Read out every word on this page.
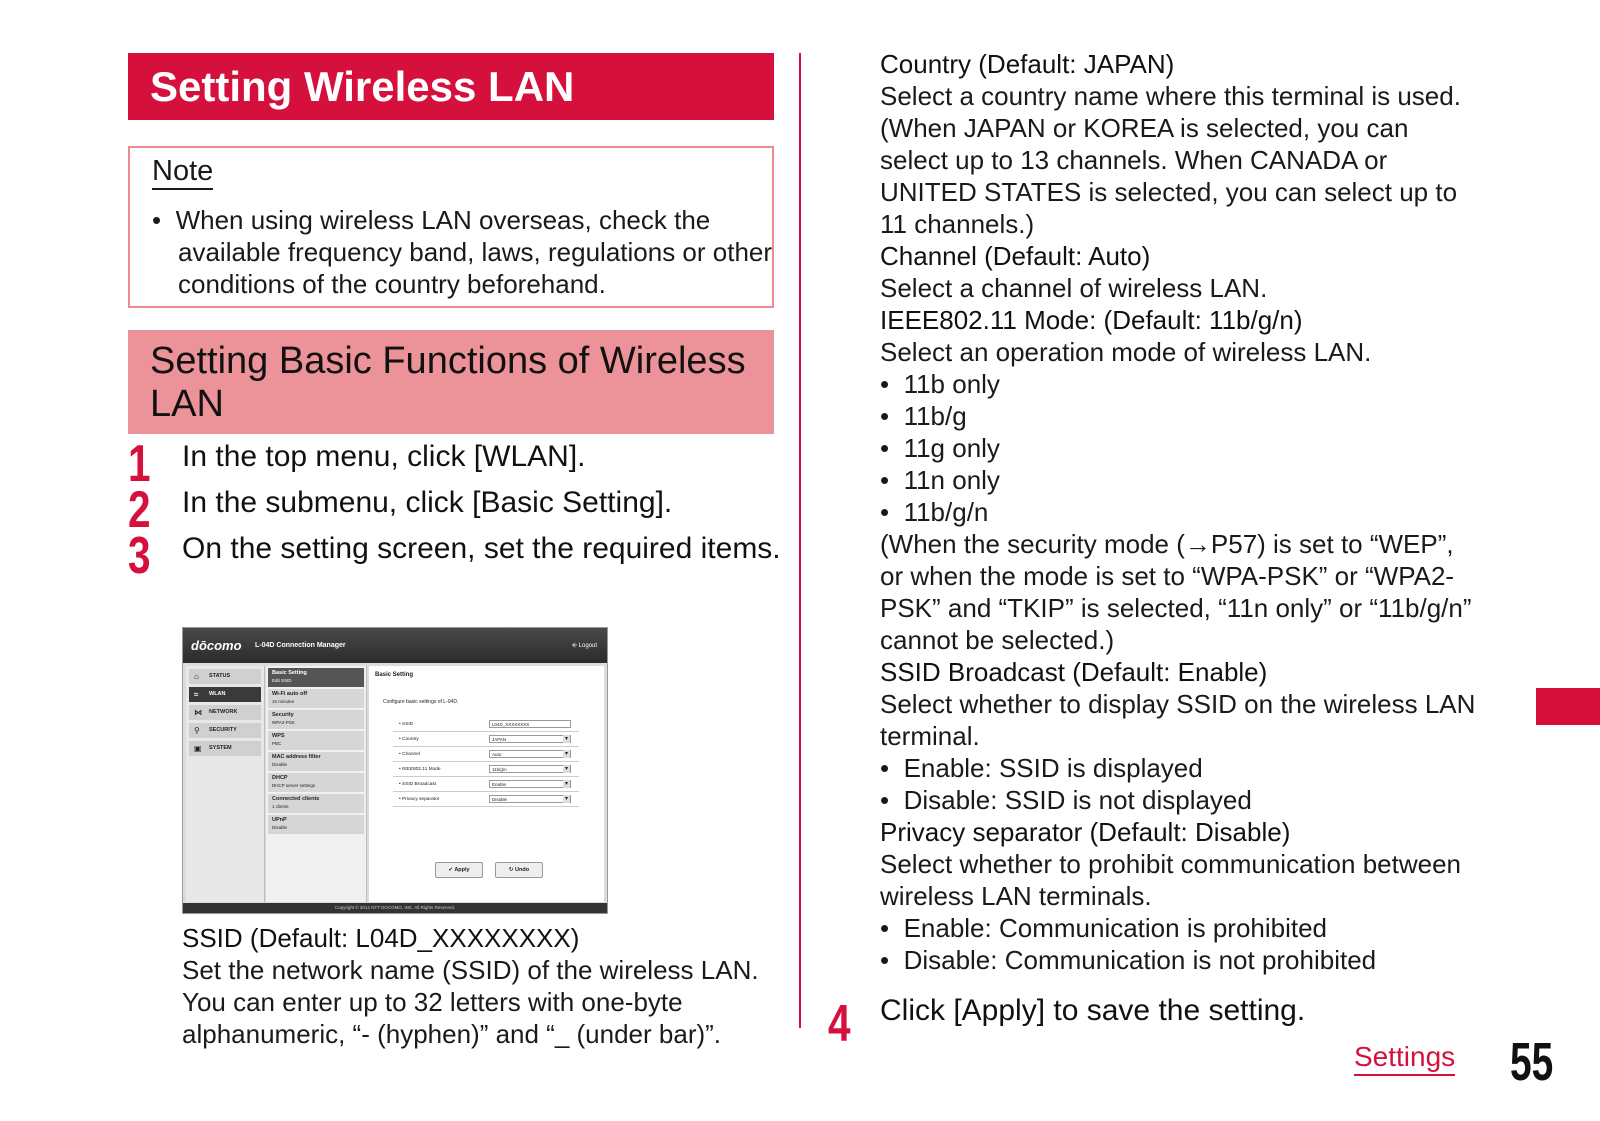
Setting Wireless LAN
Note
• When using wireless LAN overseas, check the available frequency band, laws, regulations or other conditions of the country beforehand.
Setting Basic Functions of Wireless LAN
1 In the top menu, click [WLAN].
2 In the submenu, click [Basic Setting].
3 On the setting screen, set the required items.
dōcomo L-04D Connection Manager	⎆ Logout
⌂ STATUS
≈ WLAN
⋈ NETWORK
⚲ SECURITY
▣ SYSTEM
Basic Setting
Edit SSID
Wi-Fi auto off
10 minutes
Security
WPA2-PSK
WPS
PBC
MAC address filter
Disable
DHCP
DHCP server settings
Connected clients
1 clients
UPnP
Disable
Basic Setting
Configure basic settings of L-04D.
• SSID	L04D_XXXXXXXX
• Country	JAPAN ▾
• Channel	Auto ▾
• IEEE802.11 Mode	11b/g/n ▾
• SSID Broadcast	Enable ▾
• Privacy separator	Disable ▾
✔ Apply	↻ Undo
Copyright © 2012 NTT DOCOMO, INC. All Rights Reserved.
SSID (Default: L04D_XXXXXXXX)
Set the network name (SSID) of the wireless LAN. You can enter up to 32 letters with one-byte alphanumeric, “- (hyphen)” and “_ (under bar)”.
Country (Default: JAPAN)
Select a country name where this terminal is used. (When JAPAN or KOREA is selected, you can select up to 13 channels. When CANADA or UNITED STATES is selected, you can select up to 11 channels.)
Channel (Default: Auto)
Select a channel of wireless LAN.
IEEE802.11 Mode: (Default: 11b/g/n)
Select an operation mode of wireless LAN.
•  11b only
•  11b/g
•  11g only
•  11n only
•  11b/g/n
(When the security mode (→P57) is set to “WEP”, or when the mode is set to “WPA-PSK” or “WPA2-PSK” and “TKIP” is selected, “11n only” or “11b/g/n” cannot be selected.)
SSID Broadcast (Default: Enable)
Select whether to display SSID on the wireless LAN terminal.
•  Enable: SSID is displayed
•  Disable: SSID is not displayed
Privacy separator (Default: Disable)
Select whether to prohibit communication between wireless LAN terminals.
•  Enable: Communication is prohibited
•  Disable: Communication is not prohibited
4 Click [Apply] to save the setting.
Settings 55
